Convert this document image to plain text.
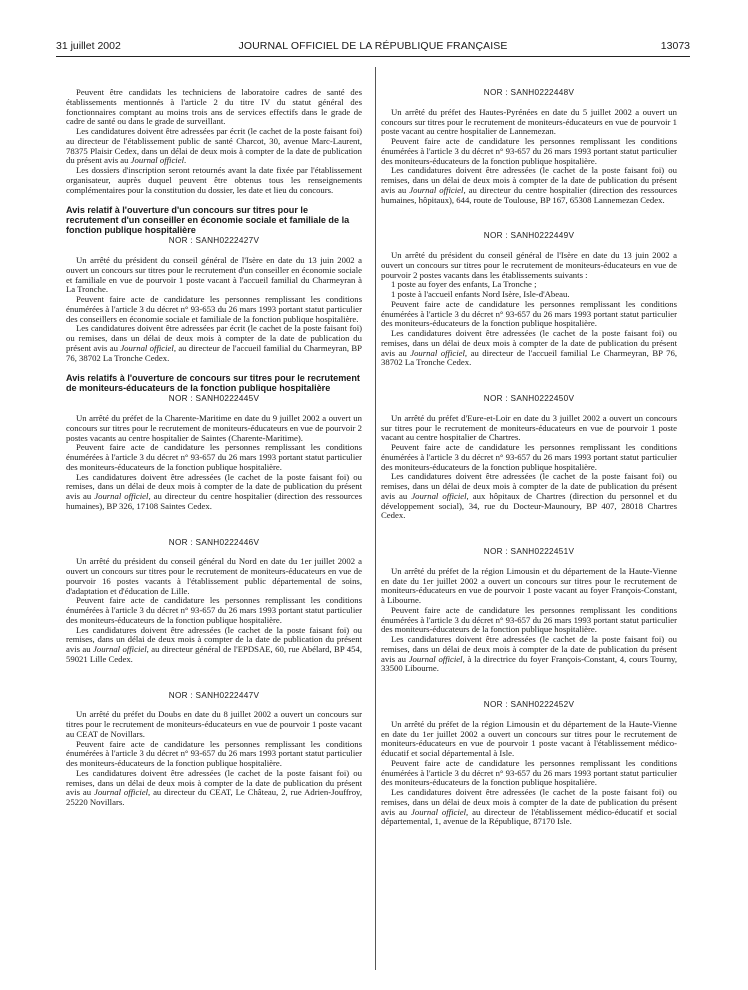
31 juillet 2002	JOURNAL OFFICIEL DE LA RÉPUBLIQUE FRANÇAISE	13073

Peuvent être candidats les techniciens de laboratoire cadres de santé des établissements mentionnés à l'article 2 du titre IV du statut général des fonctionnaires comptant au moins trois ans de services effectifs dans le grade de cadre de santé ou dans le grade de surveillant.

Les candidatures doivent être adressées par écrit (le cachet de la poste faisant foi) au directeur de l'établissement public de santé Charcot, 30, avenue Marc-Laurent, 78375 Plaisir Cedex, dans un délai de deux mois à compter de la date de publication du présent avis au Journal officiel.

Les dossiers d'inscription seront retournés avant la date fixée par l'établissement organisateur, auprès duquel peuvent être obtenus tous les renseignements complémentaires pour la constitution du dossier, les date et lieu du concours.

Avis relatif à l'ouverture d'un concours sur titres pour le recrutement d'un conseiller en économie sociale et familiale de la fonction publique hospitalière
NOR : SANH0222427V

Un arrêté du président du conseil général de l'Isère en date du 13 juin 2002 a ouvert un concours sur titres pour le recrutement d'un conseiller en économie sociale et familiale en vue de pourvoir 1 poste vacant à l'accueil familial du Charmeyran à La Tronche.

Peuvent faire acte de candidature les personnes remplissant les conditions énumérées à l'article 3 du décret n° 93-653 du 26 mars 1993 portant statut particulier des conseillers en économie sociale et familiale de la fonction publique hospitalière.

Les candidatures doivent être adressées par écrit (le cachet de la poste faisant foi) ou remises, dans un délai de deux mois à compter de la date de publication du présent avis au Journal officiel, au directeur de l'accueil familial du Charmeyran, BP 76, 38702 La Tronche Cedex.

Avis relatifs à l'ouverture de concours sur titres pour le recrutement de moniteurs-éducateurs de la fonction publique hospitalière
NOR : SANH0222445V

Un arrêté du préfet de la Charente-Maritime en date du 9 juillet 2002 a ouvert un concours sur titres pour le recrutement de moniteurs-éducateurs en vue de pourvoir 2 postes vacants au centre hospitalier de Saintes (Charente-Maritime).

Peuvent faire acte de candidature les personnes remplissant les conditions énumérées à l'article 3 du décret n° 93-657 du 26 mars 1993 portant statut particulier des moniteurs-éducateurs de la fonction publique hospitalière.

Les candidatures doivent être adressées (le cachet de la poste faisant foi) ou remises, dans un délai de deux mois à compter de la date de publication du présent avis au Journal officiel, au directeur du centre hospitalier (direction des ressources humaines), BP 326, 17108 Saintes Cedex.

NOR : SANH0222446V

Un arrêté du président du conseil général du Nord en date du 1er juillet 2002 a ouvert un concours sur titres pour le recrutement de moniteurs-éducateurs en vue de pourvoir 16 postes vacants à l'établissement public départemental de soins, d'adaptation et d'éducation de Lille.

Peuvent faire acte de candidature les personnes remplissant les conditions énumérées à l'article 3 du décret n° 93-657 du 26 mars 1993 portant statut particulier des moniteurs-éducateurs de la fonction publique hospitalière.

Les candidatures doivent être adressées (le cachet de la poste faisant foi) ou remises, dans un délai de deux mois à compter de la date de publication du présent avis au Journal officiel, au directeur général de l'EPDSAE, 60, rue Abélard, BP 454, 59021 Lille Cedex.

NOR : SANH0222447V

Un arrêté du préfet du Doubs en date du 8 juillet 2002 a ouvert un concours sur titres pour le recrutement de moniteurs-éducateurs en vue de pourvoir 1 poste vacant au CEAT de Novillars.

Peuvent faire acte de candidature les personnes remplissant les conditions énumérées à l'article 3 du décret n° 93-657 du 26 mars 1993 portant statut particulier des moniteurs-éducateurs de la fonction publique hospitalière.

Les candidatures doivent être adressées (le cachet de la poste faisant foi) ou remises, dans un délai de deux mois à compter de la date de publication du présent avis au Journal officiel, au directeur du CEAT, Le Château, 2, rue Adrien-Jouffroy, 25220 Novillars.

NOR : SANH0222448V

Un arrêté du préfet des Hautes-Pyrénées en date du 5 juillet 2002 a ouvert un concours sur titres pour le recrutement de moniteurs-éducateurs en vue de pourvoir 1 poste vacant au centre hospitalier de Lannemezan.

Peuvent faire acte de candidature les personnes remplissant les conditions énumérées à l'article 3 du décret n° 93-657 du 26 mars 1993 portant statut particulier des moniteurs-éducateurs de la fonction publique hospitalière.

Les candidatures doivent être adressées (le cachet de la poste faisant foi) ou remises, dans un délai de deux mois à compter de la date de publication du présent avis au Journal officiel, au directeur du centre hospitalier (direction des ressources humaines, hôpitaux), 644, route de Toulouse, BP 167, 65308 Lannemezan Cedex.

NOR : SANH0222449V

Un arrêté du président du conseil général de l'Isère en date du 13 juin 2002 a ouvert un concours sur titres pour le recrutement de moniteurs-éducateurs en vue de pourvoir 2 postes vacants dans les établissements suivants :

1 poste au foyer des enfants, La Tronche ;
1 poste à l'accueil enfants Nord Isère, Isle-d'Abeau.

Peuvent faire acte de candidature les personnes remplissant les conditions énumérées à l'article 3 du décret n° 93-657 du 26 mars 1993 portant statut particulier des moniteurs-éducateurs de la fonction publique hospitalière.

Les candidatures doivent être adressées (le cachet de la poste faisant foi) ou remises, dans un délai de deux mois à compter de la date de publication du présent avis au Journal officiel, au directeur de l'accueil familial Le Charmeyran, BP 76, 38702 La Tronche Cedex.

NOR : SANH0222450V

Un arrêté du préfet d'Eure-et-Loir en date du 3 juillet 2002 a ouvert un concours sur titres pour le recrutement de moniteurs-éducateurs en vue de pourvoir 1 poste vacant au centre hospitalier de Chartres.

Peuvent faire acte de candidature les personnes remplissant les conditions énumérées à l'article 3 du décret n° 93-657 du 26 mars 1993 portant statut particulier des moniteurs-éducateurs de la fonction publique hospitalière.

Les candidatures doivent être adressées (le cachet de la poste faisant foi) ou remises, dans un délai de deux mois à compter de la date de publication du présent avis au Journal officiel, aux hôpitaux de Chartres (direction du personnel et du développement social), 34, rue du Docteur-Maunoury, BP 407, 28018 Chartres Cedex.

NOR : SANH0222451V

Un arrêté du préfet de la région Limousin et du département de la Haute-Vienne en date du 1er juillet 2002 a ouvert un concours sur titres pour le recrutement de moniteurs-éducateurs en vue de pourvoir 1 poste vacant au foyer François-Constant, à Libourne.

Peuvent faire acte de candidature les personnes remplissant les conditions énumérées à l'article 3 du décret n° 93-657 du 26 mars 1993 portant statut particulier des moniteurs-éducateurs de la fonction publique hospitalière.

Les candidatures doivent être adressées (le cachet de la poste faisant foi) ou remises, dans un délai de deux mois à compter de la date de publication du présent avis au Journal officiel, à la directrice du foyer François-Constant, 4, cours Tourny, 33500 Libourne.

NOR : SANH0222452V

Un arrêté du préfet de la région Limousin et du département de la Haute-Vienne en date du 1er juillet 2002 a ouvert un concours sur titres pour le recrutement de moniteurs-éducateurs en vue de pourvoir 1 poste vacant à l'établissement médico-éducatif et social départemental à Isle.

Peuvent faire acte de candidature les personnes remplissant les conditions énumérées à l'article 3 du décret n° 93-657 du 26 mars 1993 portant statut particulier des moniteurs-éducateurs de la fonction publique hospitalière.

Les candidatures doivent être adressées (le cachet de la poste faisant foi) ou remises, dans un délai de deux mois à compter de la date de publication du présent avis au Journal officiel, au directeur de l'établissement médico-éducatif et social départemental, 1, avenue de la République, 87170 Isle.
